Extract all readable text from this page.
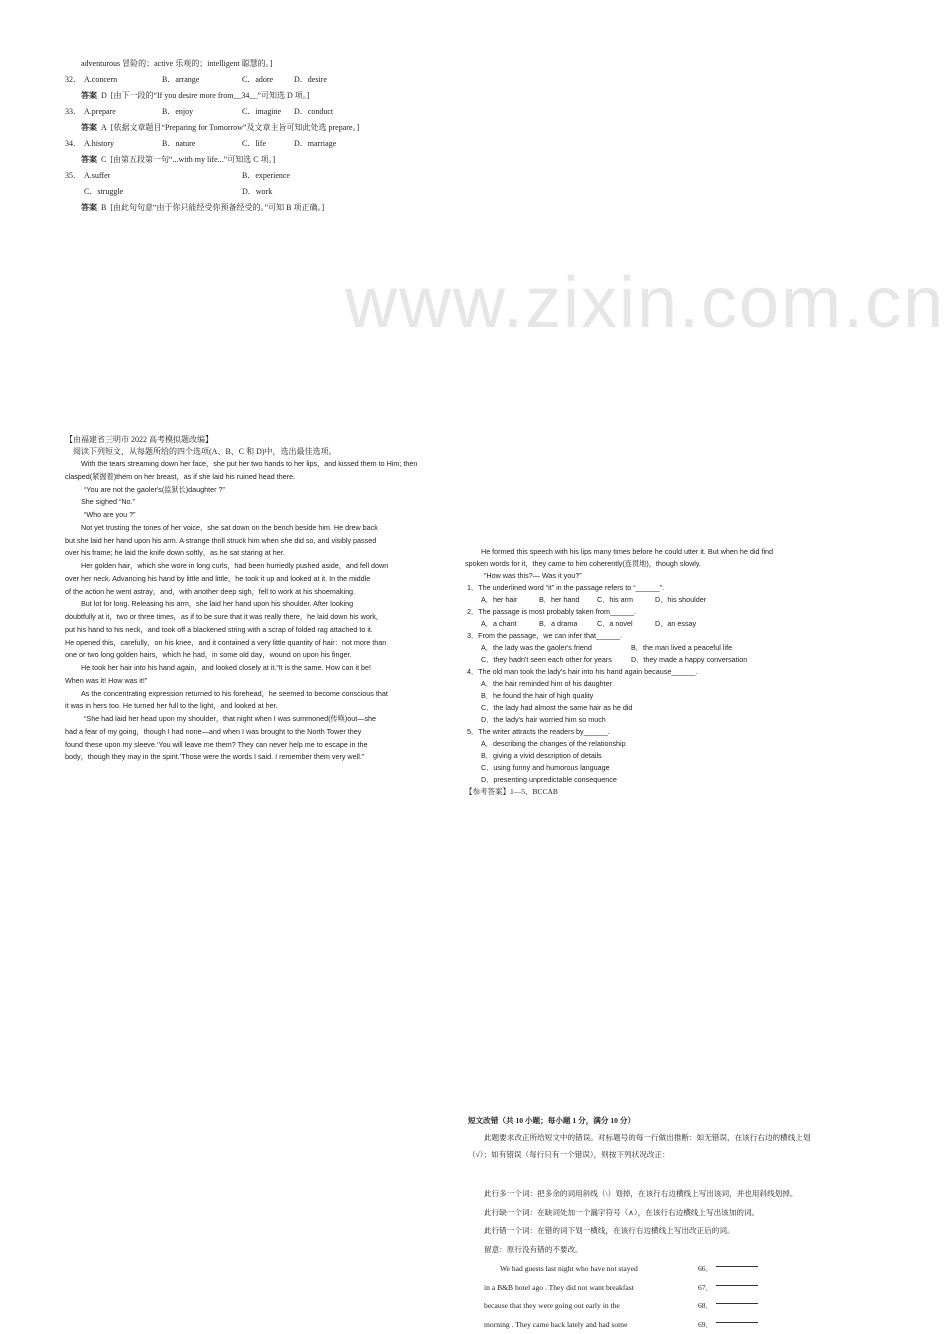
www.zixin.com.cn
adventurous 冒险的；active 乐观的；intelligent 聪慧的。]
32． A.concern	B．arrange	C．adore	D．desire
答案 D [由下一段的“If you desire more from__34__”可知选 D 项。]
33． A.prepare	B．enjoy	C．imagine	D．conduct
答案 A [依据文章题目“Preparing for Tomorrow”及文章主旨可知此处选 prepare。]
34． A.history	B．nature	C．life	D．marriage
答案 C [由第五段第一句“...with my life...”可知选 C 项。]
35． A.suffer	B．experience
C．struggle	D．work
答案 B [由此句句意“由于你只能经受你预备经受的。”可知 B 项正确。]
【由福建省三明市 2022 高考模拟题改编】
阅读下列短文，从每题所给的四个选项(A、B、C 和 D)中，选出最佳选项。
With the tears streaming down her face，she put her two hands to her lips，and kissed them to Him; then
clasped(紧握着)them on her breast，as if she laid his ruined head there.
“You are not the gaoler's(监狱长)daughter ?”
She sighed “No.”
“Who are you ?”
Not yet trusting the tones of her voice，she sat down on the bench beside him. He drew back
but she laid her hand upon his arm. A strange thrill struck him when she did so, and visibly passed
over his frame; he laid the knife down softly，as he sat staring at her.
Her golden hair，which she wore in long curls，had been hurriedly pushed aside，and fell down
over her neck. Advancing his hand by little and little，he took it up and looked at it. In the middle
of the action he went astray，and，with another deep sigh，fell to work at his shoemaking.
But lot for long. Releasing his arm，she laid her hand upon his shoulder. After looking
doubtfully at it，two or three times，as if to be sure that it was really there，he laid down his work，
put his hand to his neck，and took off a blackened string with a scrap of folded rag attached to it.
He opened this，carefully，on his knee，and it contained a very little quantity of hair：not more than
one or two long golden hairs，which he had，in some old day，wound on upon his finger.
He took her hair into his hand again，and looked closely at it.“It is the same. How can it be!
When was it! How was it!”
As the concentrating expression returned to his forehead，he seemed to become conscious that
it was in hers too. He turned her full to the light，and looked at her.
“She had laid her head upon my shoulder，that night when I was summoned(传唤)out—she
had a fear of my going，though I had none—and when I was brought to the North Tower they
found these upon my sleeve.‘You will leave me them? They can never help me to escape in the
body，though they may in the spirit.’Those were the words I said. I remember them very well.”
He formed this speech with his lips many times before he could utter it. But when he did find
spoken words for it，they came to him coherently(连贯地)，though slowly.
“How was this?— Was it you?”
1．The underlined word “it” in the passage refers to “______”.
A．her hair	B．her hand	C．his arm	D．his shoulder
2．The passage is most probably taken from______.
A．a chant	B．a drama	C．a novel	D．an essay
3．From the passage，we can infer that______.
A．the lady was the gaoler's friend	B．the man lived a peaceful life
C．they hadn't seen each other for years	D．they made a happy conversation
4．The old man took the lady's hair into his hand again because______.
A．the hair reminded him of his daughter
B．he found the hair of high quality
C．the lady had almost the same hair as he did
D．the lady's hair worried him so much
5．The writer attracts the readers by______.
A．describing the changes of the relationship
B．giving a vivid description of details
C．using funny and humorous language
D．presenting unpredictable consequence
【参考答案】1—5、BCCAB
短文改错（共 10 小题；每小题 1 分，满分 10 分）
此题要求改正所给短文中的错误。对标题号的每一行做出推断：如无错误，在该行右边的横线上划
（√）；如有错误（每行只有一个错误），则按下列状况改正：
此行多一个词：把多余的词用斜线（\）划掉，在该行右边横线上写出该词，并也用斜线划掉。
此行缺一个词：在缺词处加一个漏字符号（∧），在该行右边横线上写出该加的词。
此行错一个词：在错的词下划一横线，在该行右边横线上写出改正后的词。
留意：原行没有错的不要改。
We had guests last night who have not stayed	66．
in a B&B hotel ago . They did not want breakfast	67．
because that they were going out early in the	68．
morning . They came back lately and had some	69．
